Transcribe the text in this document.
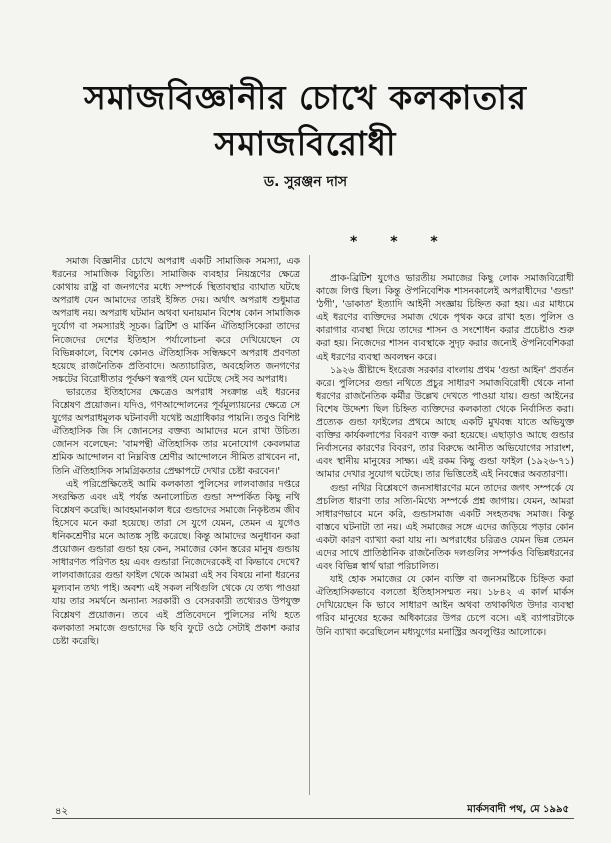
সমাজবিজ্ঞানীর চোখে কলকাতার
সমাজবিরোধী
ড. সুরঞ্জন দাস
* * *

সমাজ বিজ্ঞানীর চোখে অপরাধ একটি সামাজিক সমস্যা, এক ধরনের সামাজিক বিচ্যুতি। সামাজিক ব্যবহার নিয়ন্ত্রণের ক্ষেত্রে কোথায় রাষ্ট্র বা জনগণের মধ্যে সম্পর্কে স্থিতাবস্থার ব্যাঘাত ঘটছে অপরাধ যেন আমাদের তারই ইঙ্গিত দেয়। অর্থাৎ অপরাধ শুধুমাত্র অপরাধ নয়। অপরাধ ঘটমান অথবা ঘনায়মান বিশেষ কোন সামাজিক দুর্যোগ বা সমস্যারই সূচক। ব্রিটিশ ও মার্কিন ঐতিহাসিকেরা তাদের নিজেদের দেশের ইতিহাস পর্যালোচনা করে দেখিয়েছেন যে বিভিন্নকালে, বিশেষ কোনও ঐতিহাসিক সন্ধিক্ষণে অপরাধ প্রবণতা হয়েছে রাজনৈতিক প্রতিবাদে। অত্যাচারিত, অবহেলিত জনগণের সঙ্কটের বিরোধীতার পূর্বক্ষণ স্বরূপই যেন ঘটেছে সেই সব অপরাধ।

ভারতের ইতিহাসের ক্ষেত্রেও অপরাধ সংক্রান্ত এই ধরনের বিশ্লেষণ প্রয়োজন। যদিও, গণআন্দোলনের পূর্বমূল্যায়নের ক্ষেত্রে সে যুগের অপরাধমূলক ঘটনাবলী যথেষ্ট অগ্রাধিকার পায়নি। তবুও বিশিষ্ট ঐতিহাসিক জি সি জোনসের বক্তব্য আমাদের মনে রাখা উচিত। জোনস বলেছেন: 'বামপন্থী ঐতিহাসিক তার মনোযোগ কেবলমাত্র শ্রমিক আন্দোলন বা নিম্নবিত্ত শ্রেণীর আন্দোলনে সীমিত রাখবেন না, তিনি ঐতিহাসিক সামগ্রিকতার প্রেক্ষাপটে দেখার চেষ্টা করবেন।'

এই পরিপ্রেক্ষিতেই আমি কলকাতা পুলিসের লালবাজার দপ্তরে সংরক্ষিত এবং এই পর্যন্ত অনালোচিত গুন্ডা সম্পর্কিত কিছু নথি বিশ্লেষণ করেছি। আবহমানকাল ধরে গুন্ডাদের সমাজে নিকৃষ্টতম জীব হিসেবে মনে করা হয়েছে। তারা সে যুগে যেমন, তেমন এ যুগেও ধনিকশ্রেণীর মনে আতঙ্ক সৃষ্টি করেছে। কিন্তু আমাদের অনুধাবন করা প্রয়োজন গুন্ডারা গুন্ডা হয় কেন, সমাজের কোন স্তরের মানুষ গুন্ডায় সাধারণত পরিণত হয় এবং গুন্ডারা নিজেদেরকেই বা কিভাবে দেখে? লালবাজারের গুন্ডা ফাইল থেকে আমরা এই সব বিষয়ে নানা ধরনের মূল্যবান তথ্য পাই। অবশ্য এই সকল নথিগুলি থেকে যে তথ্য পাওয়া যায় তার সমর্থনে অন্যান্য সরকারী ও বেসরকারী তথ্যেরও উপযুক্ত বিশ্লেষণ প্রয়োজন। তবে এই প্রতিবেদনে পুলিসের নথি হতে কলকাতা সমাজে গুন্ডাদের কি ছবি ফুটে ওঠে সেটাই প্রকাশ করার চেষ্টা করেছি।

প্রাক-ব্রিটিশ যুগেও ভারতীয় সমাজের কিছু লোক সমাজবিরোধী কাজে লিপ্ত ছিল। কিন্তু ঔপনিবেশিক শাসনকালেই অপরাধীদের 'গুন্ডা' 'ঠগী', 'ডাকাত' ইত্যাদি আইনী সংজ্ঞায় চিহ্নিত করা হয়। এর মাধ্যমে এই ধরণের ব্যক্তিদের সমাজ থেকে পৃথক করে রাখা হত। পুলিস ও কারাগার ব্যবস্থা দিয়ে তাদের শাসন ও সংশোধন করার প্রচেষ্টাও শুরু করা হয়। নিজেদের শাসন ব্যবস্থাকে সুদৃঢ় করার জন্যেই ঔপনিবেশিকরা এই ধরণের ব্যবস্থা অবলম্বন করে।

১৯২৬ খ্রীষ্টাব্দে ইংরেজ সরকার বাংলায় প্রথম 'গুন্ডা আইন' প্রবর্তন করে। পুলিসের গুন্ডা নথিতে প্রচুর সাধারণ সমাজবিরোধী থেকে নানা ধরণের রাজনৈতিক কর্মীর উল্লেখ দেখতে পাওয়া যায়। গুন্ডা আইনের বিশেষ উদ্দেশ্য ছিল চিহ্নিত ব্যক্তিদের কলকাতা থেকে নির্বাসিত করা। প্রত্যেক গুন্ডা ফাইলের প্রথমে আছে একটি মুখবন্ধ যাতে অভিযুক্ত ব্যক্তির কার্যকলাপের বিবরণ ব্যক্ত করা হয়েছে। এছাড়াও আছে গুন্ডার নির্বাসনের কারণের বিবরণ, তার বিরুদ্ধে আনীত অভিযোগের সারাংশ, এবং স্থানীয় মানুষের সাক্ষ্য। এই রকম কিছু গুন্ডা ফাইল (১৯২৬-৭১) আমার দেখার সুযোগ ঘটেছে। তার ভিত্তিতেই এই নিবন্ধের অবতারণা।

গুন্ডা নথির বিশ্লেষণে জনসাধারণের মনে তাদের জগৎ সম্পর্কে যে প্রচলিত ধারণা তার সত্যি-মিথ্যে সম্পর্কে প্রশ্ন জাগায়। যেমন, আমরা সাধারণভাবে মনে করি, গুন্ডাসমাজ একটি সংহতবদ্ধ সমাজ। কিন্তু বাস্তবে ঘটনাটা তা নয়। এই সমাজের সঙ্গে এদের জড়িয়ে পড়ার কোন একটা কারণ ব্যাখ্যা করা যায় না। অপরাধের চরিত্রও যেমন ভিন্ন তেমন এদের সাথে প্রাতিষ্ঠানিক রাজনৈতিক দলগুলির সম্পর্কও বিভিন্নধরনের এবং বিভিন্ন স্বার্থ দ্বারা পরিচালিত।

যাই হোক সমাজের যে কোন ব্যক্তি বা জনসমষ্টিকে চিহ্নিত করা ঐতিহাসিকভাবে বলতো ইতিহাসসম্মত নয়। ১৮৪২ এ কার্ল মার্কস দেখিয়েছেন কি ভাবে সাধারণ আইন অথবা তথাকথিত উদার ব্যবস্থা গরিব মানুষের হকের অধিকারের উপর চেপে বসে। এই ব্যাপারটাকে উনি ব্যাখ্যা করেছিলেন মধ্যযুগের মনাস্ট্রির অবলুপ্তির আলোকে।

৪২	মার্কসবাদী পথ, মে ১৯৯৫
